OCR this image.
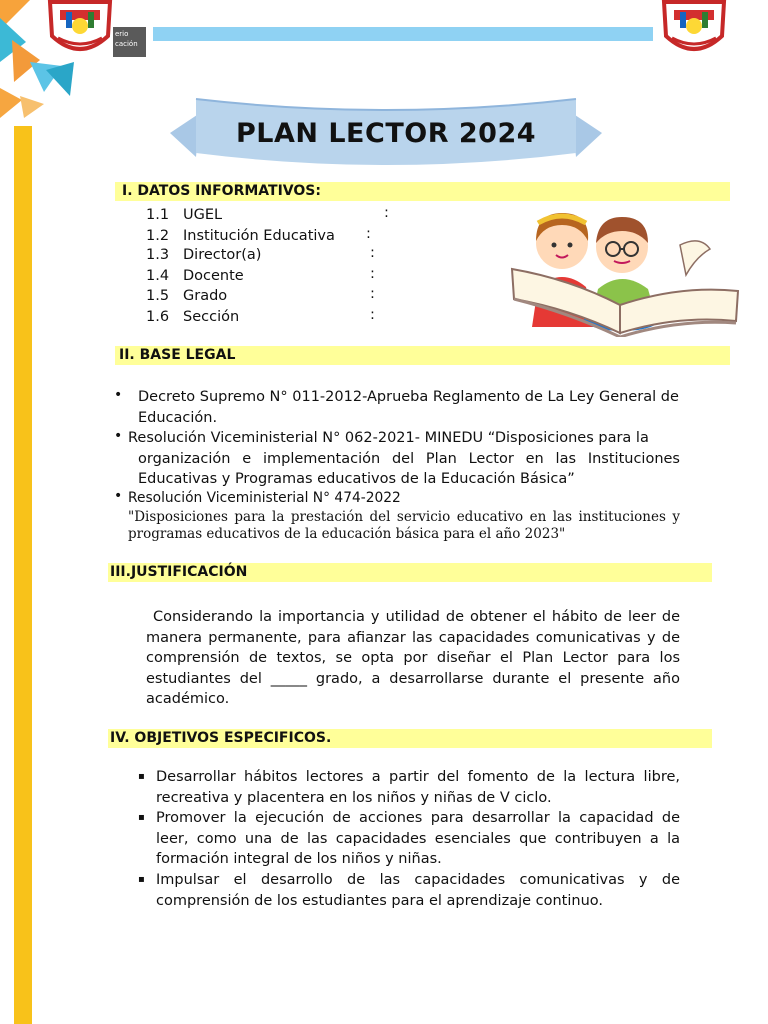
erio cación
PLAN LECTOR 2024
I. DATOS INFORMATIVOS:
1.1 UGEL	:
1.2 Institución Educativa :
1.3 Director(a)	:
1.4 Docente	:
1.5 Grado	:
1.6 Sección	:
II. BASE LEGAL
• Decreto Supremo N° 011-2012-Aprueba Reglamento de La Ley General de
Educación.
• Resolución Viceministerial N° 062-2021- MINEDU “Disposiciones para la
organización e implementación del Plan Lector en las Instituciones Educativas y Programas educativos de la Educación Básica”
• Resolución Viceministerial N° 474-2022
"Disposiciones para la prestación del servicio educativo en las instituciones y programas educativos de la educación básica para el año 2023"
III.JUSTIFICACIÓN
Considerando la importancia y utilidad de obtener el hábito de leer de manera permanente, para afianzar las capacidades comunicativas y de comprensión de textos, se opta por diseñar el Plan Lector para los estudiantes del _____ grado, a desarrollarse durante el presente año académico.
IV. OBJETIVOS ESPECIFICOS.
▪ Desarrollar hábitos lectores a partir del fomento de la lectura libre, recreativa y placentera en los niños y niñas de V ciclo.
▪ Promover la ejecución de acciones para desarrollar la capacidad de leer, como una de las capacidades esenciales que contribuyen a la formación integral de los niños y niñas.
▪ Impulsar el desarrollo de las capacidades comunicativas y de comprensión de los estudiantes para el aprendizaje continuo.
